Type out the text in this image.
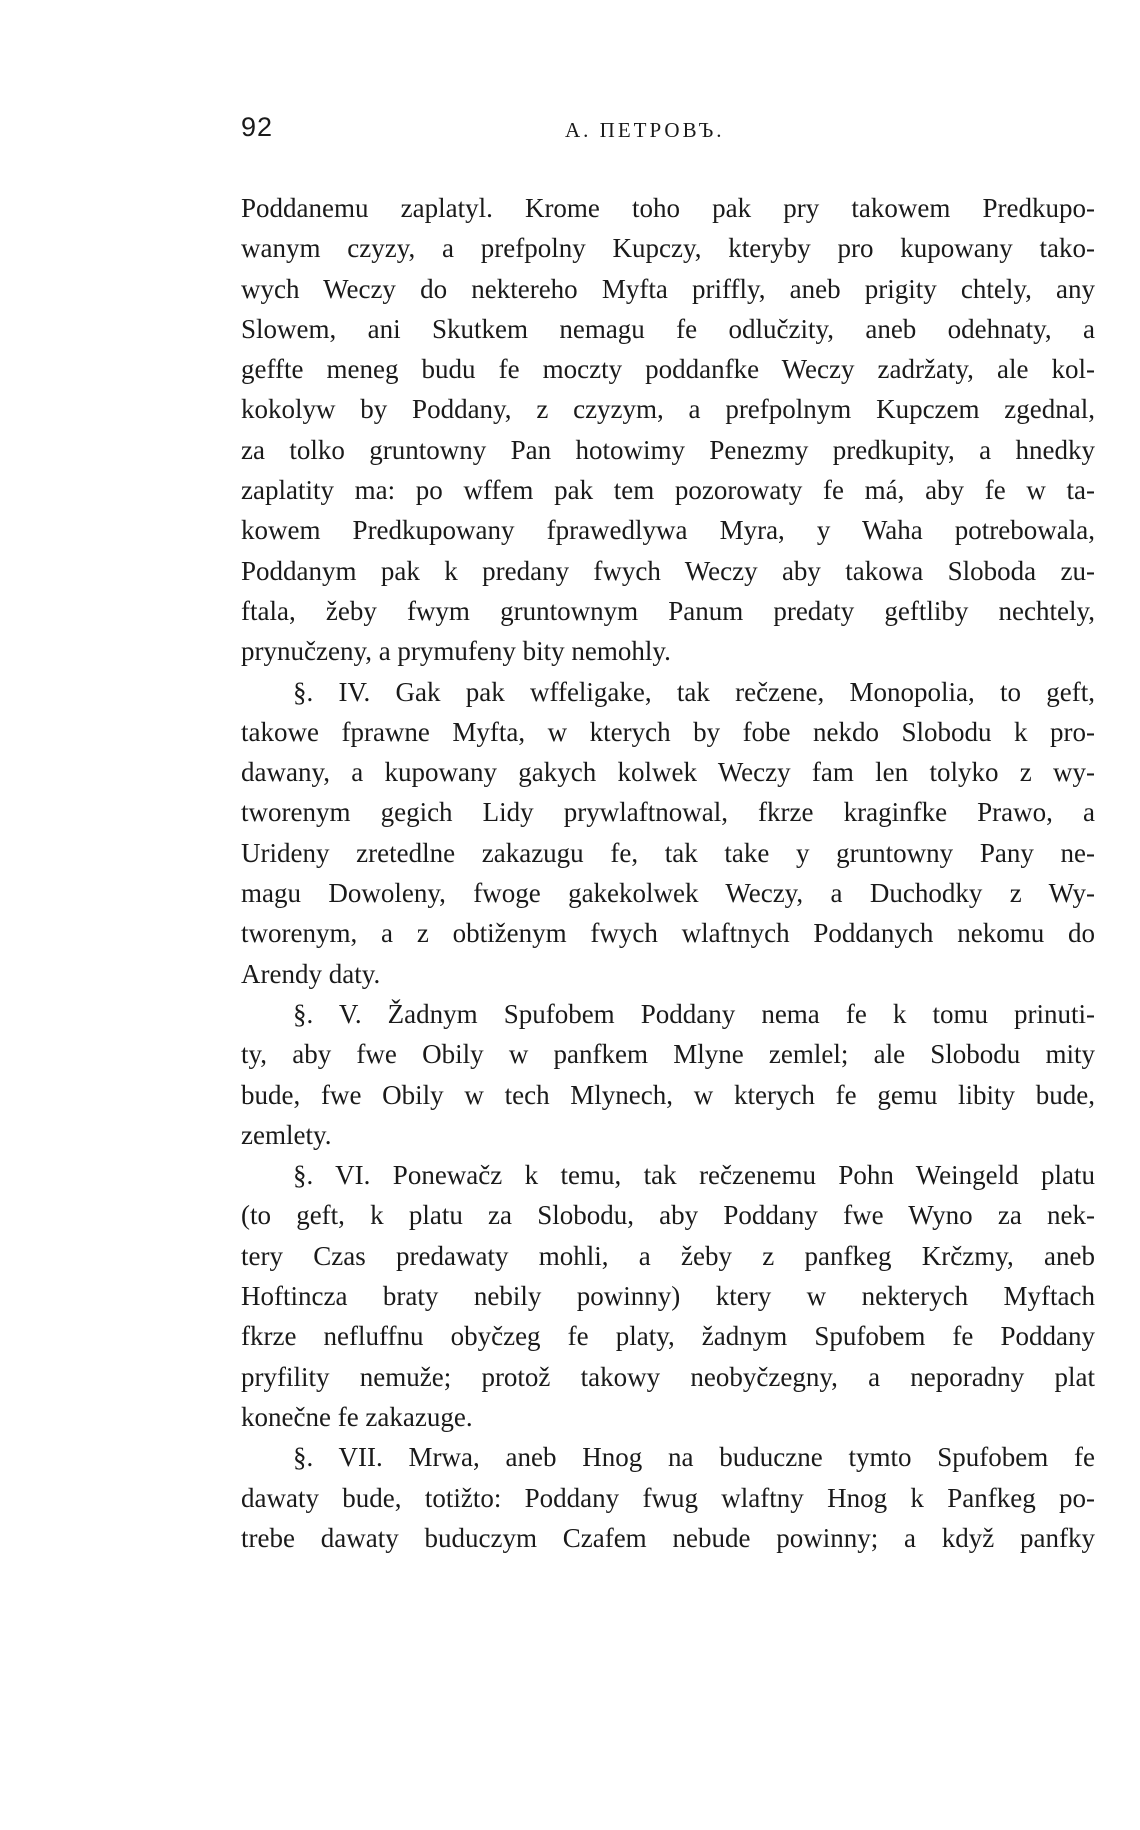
92	А. ПЕТРОВЪ.
Poddanemu zaplatyl. Krome toho pak pry takowem Predkupo-
wanym czyzy, a prefpolny Kupczy, kteryby pro kupowany tako-
wych Weczy do nektereho Myfta priffly, aneb prigity chtely, any
Slowem, ani Skutkem nemagu fe odlučzity, aneb odehnaty, a
geffte meneg budu fe moczty poddanfke Weczy zadržaty, ale kol-
kokolyw by Poddany, z czyzym, a prefpolnym Kupczem zgednal,
za tolko gruntowny Pan hotowimy Penezmy predkupity, a hnedky
zaplatity ma: po wffem pak tem pozorowaty fe má, aby fe w ta-
kowem Predkupowany fprawedlywa Myra, y Waha potrebowala,
Poddanym pak k predany fwych Weczy aby takowa Sloboda zu-
ftala, žeby fwym gruntownym Panum predaty geftliby nechtely,
prynučzeny, a prymufeny bity nemohly.
§. IV. Gak pak wffeligake, tak rečzene, Monopolia, to geft,
takowe fprawne Myfta, w kterych by fobe nekdo Slobodu k pro-
dawany, a kupowany gakych kolwek Weczy fam len tolyko z wy-
tworenym gegich Lidy prywlaftnowal, fkrze kraginfke Prawo, a
Urideny zretedlne zakazugu fe, tak take y gruntowny Pany ne-
magu Dowoleny, fwoge gakekolwek Weczy, a Duchodky z Wy-
tworenym, a z obtiženym fwych wlaftnych Poddanych nekomu do
Arendy daty.
§. V. Žadnym Spufobem Poddany nema fe k tomu prinuti-
ty, aby fwe Obily w panfkem Mlyne zemlel; ale Slobodu mity
bude, fwe Obily w tech Mlynech, w kterych fe gemu libity bude,
zemlety.
§. VI. Ponewačz k temu, tak rečzenemu Pohn Weingeld platu
(to geft, k platu za Slobodu, aby Poddany fwe Wyno za nek-
tery Czas predawaty mohli, a žeby z panfkeg Krčzmy, aneb
Hoftincza braty nebily powinny) ktery w nekterych Myftach
fkrze nefluffnu obyčzeg fe platy, žadnym Spufobem fe Poddany
pryfility nemuže; protož takowy neobyčzegny, a neporadny plat
konečne fe zakazuge.
§. VII. Mrwa, aneb Hnog na buduczne tymto Spufobem fe
dawaty bude, totižto: Poddany fwug wlaftny Hnog k Panfkeg po-
trebe dawaty buduczym Czafem nebude powinny; a když panfky
